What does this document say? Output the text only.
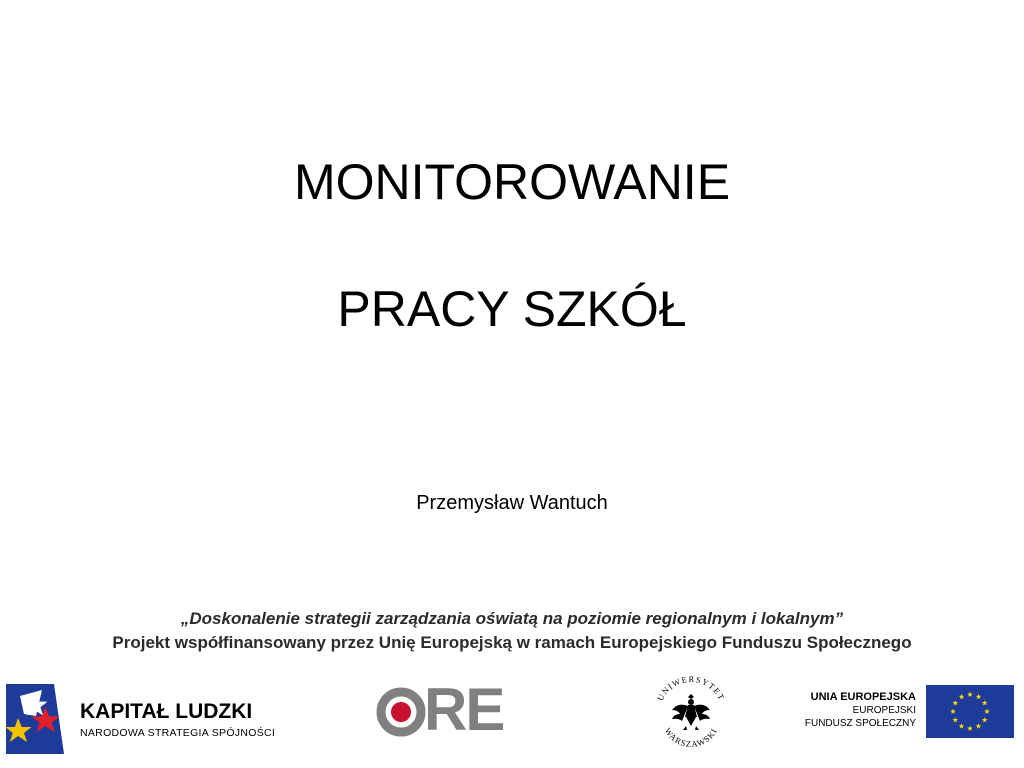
MONITOROWANIE
PRACY SZKÓŁ
Przemysław Wantuch
„Doskonalenie strategii zarządzania oświatą na poziomie regionalnym i lokalnym”
Projekt współfinansowany przez Unię Europejską w ramach Europejskiego Funduszu Społecznego
KAPITAŁ LUDZKI
NARODOWA STRATEGIA SPÓJNOŚCI RE	UNIWERSYTET
WARSZAWSKI
UNIA EUROPEJSKA
EUROPEJSKI
FUNDUSZ SPOŁECZNY
